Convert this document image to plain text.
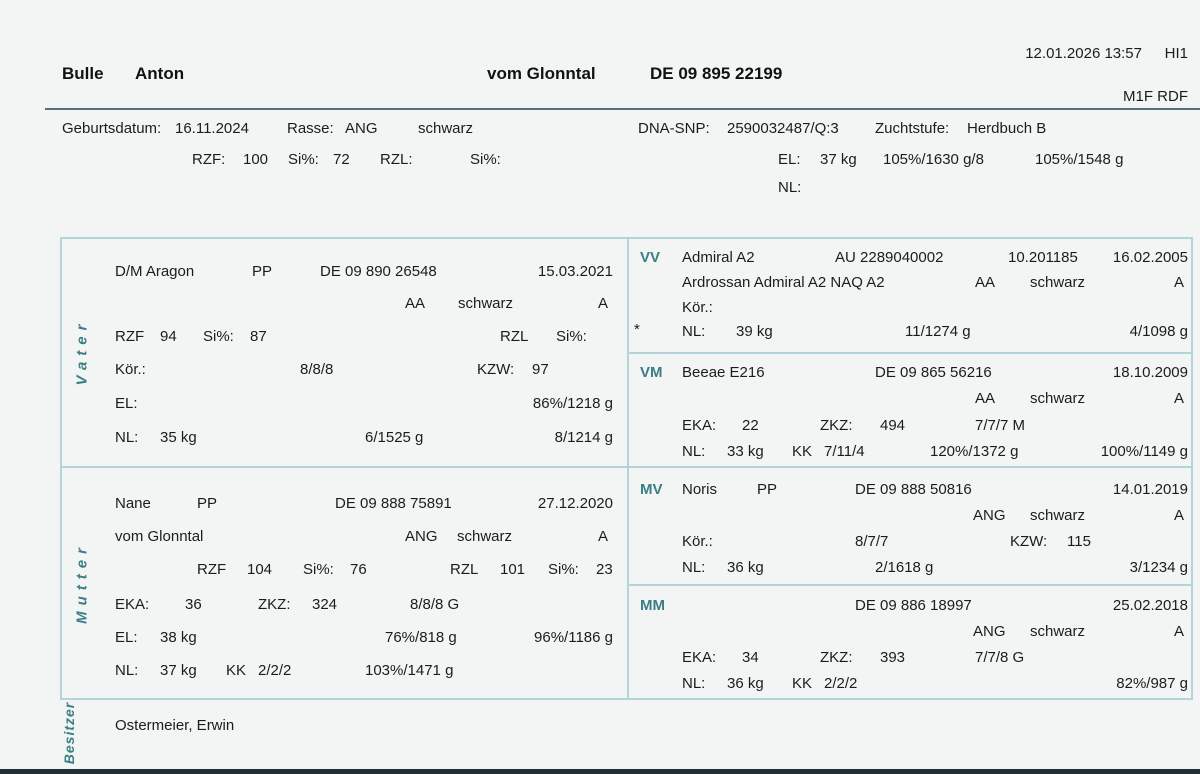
12.01.2026 13:57 HI1
M1F RDF
Bulle Anton	vom Glonntal	DE 09 895 22199
Geburtsdatum: 16.11.2024	Rasse: ANG	schwarz	DNA-SNP: 2590032487/Q:3 Zuchtstufe: Herdbuch B
RZF: 100 Si%: 72 RZL:	Si%:	EL: 37 kg 105%/1630 g/8	105%/1548 g
NL:
Vater
D/M Aragon	PP	DE 09 890 26548	15.03.2021
AA schwarz	A
RZF 94 Si%: 87	RZL Si%:
Kör.:	8/8/8	KZW: 97
EL:	86%/1218 g
NL: 35 kg	6/1525 g	8/1214 g
Mutter
Nane	PP	DE 09 888 75891	27.12.2020
vom Glonntal	ANG schwarz	A
RZF 104 Si%: 76	RZL 101 Si%: 23
EKA: 36	ZKZ: 324	8/8/8 G
EL: 38 kg	76%/818 g	96%/1186 g
NL: 37 kg KK 2/2/2	103%/1471 g
VV Admiral A2	AU 2289040002	10.201185 16.02.2005
Ardrossan Admiral A2 NAQ A2	AA schwarz	A
Kör.:
*	NL: 39 kg	11/1274 g	4/1098 g
VM Beeae E216	DE 09 865 56216	18.10.2009
AA schwarz	A
EKA: 22	ZKZ: 494	7/7/7 M
NL: 33 kg KK 7/11/4	120%/1372 g	100%/1149 g
MV Noris	PP	DE 09 888 50816	14.01.2019
ANG schwarz	A
Kör.:	8/7/7	KZW: 115
NL: 36 kg	2/1618 g	3/1234 g
MM	DE 09 886 18997	25.02.2018
ANG schwarz	A
EKA: 34	ZKZ: 393	7/7/8 G
NL: 36 kg KK 2/2/2	82%/987 g
Besitzer	Ostermeier, Erwin
